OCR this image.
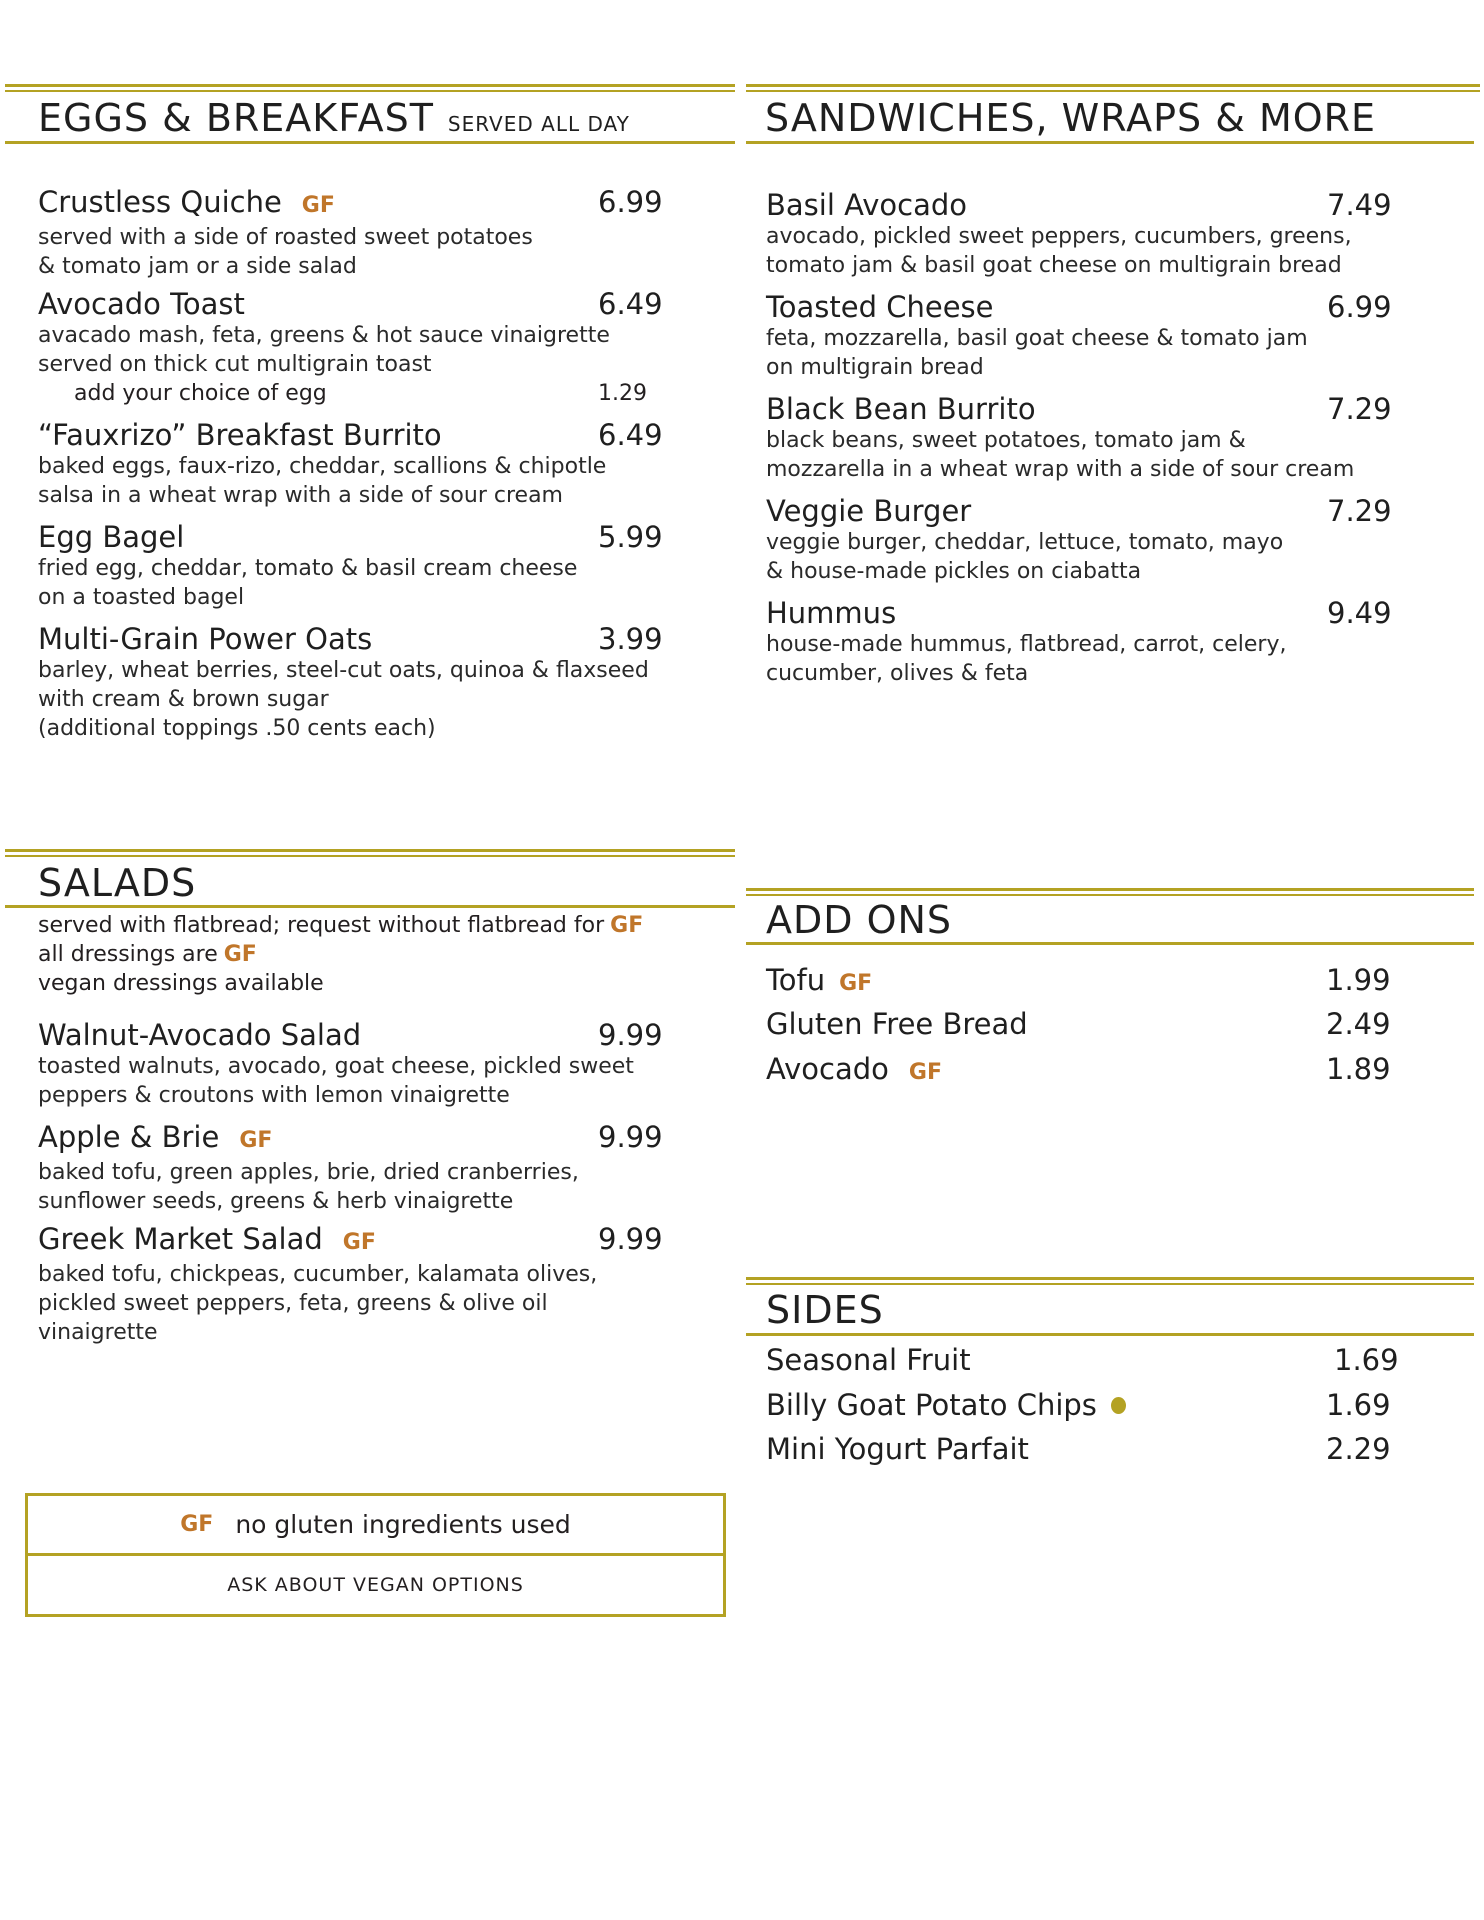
EGGS & BREAKFAST SERVED ALL DAY
Crustless Quiche GF	6.99
served with a side of roasted sweet potatoes
& tomato jam or a side salad
Avocado Toast	6.49
avacado mash, feta, greens & hot sauce vinaigrette
served on thick cut multigrain toast
add your choice of egg	1.29
“Fauxrizo” Breakfast Burrito	6.49
baked eggs, faux-rizo, cheddar, scallions & chipotle
salsa in a wheat wrap with a side of sour cream
Egg Bagel	5.99
fried egg, cheddar, tomato & basil cream cheese
on a toasted bagel
Multi-Grain Power Oats	3.99
barley, wheat berries, steel-cut oats, quinoa & flaxseed
with cream & brown sugar
(additional toppings .50 cents each)
SANDWICHES, WRAPS & MORE
Basil Avocado	7.49
avocado, pickled sweet peppers, cucumbers, greens,
tomato jam & basil goat cheese on multigrain bread
Toasted Cheese	6.99
feta, mozzarella, basil goat cheese & tomato jam
on multigrain bread
Black Bean Burrito	7.29
black beans, sweet potatoes, tomato jam &
mozzarella in a wheat wrap with a side of sour cream
Veggie Burger	7.29
veggie burger, cheddar, lettuce, tomato, mayo
& house-made pickles on ciabatta
Hummus	9.49
house-made hummus, flatbread, carrot, celery,
cucumber, olives & feta
SALADS
served with flatbread; request without flatbread for GF
all dressings are GF
vegan dressings available
Walnut-Avocado Salad	9.99
toasted walnuts, avocado, goat cheese, pickled sweet
peppers & croutons with lemon vinaigrette
Apple & Brie GF	9.99
baked tofu, green apples, brie, dried cranberries,
sunflower seeds, greens & herb vinaigrette
Greek Market Salad GF	9.99
baked tofu, chickpeas, cucumber, kalamata olives,
pickled sweet peppers, feta, greens & olive oil
vinaigrette
ADD ONS
Tofu GF	1.99
Gluten Free Bread	2.49
Avocado GF	1.89
SIDES
Seasonal Fruit	1.69
Billy Goat Potato Chips	1.69
Mini Yogurt Parfait	2.29
GF no gluten ingredients used
ASK ABOUT VEGAN OPTIONS
